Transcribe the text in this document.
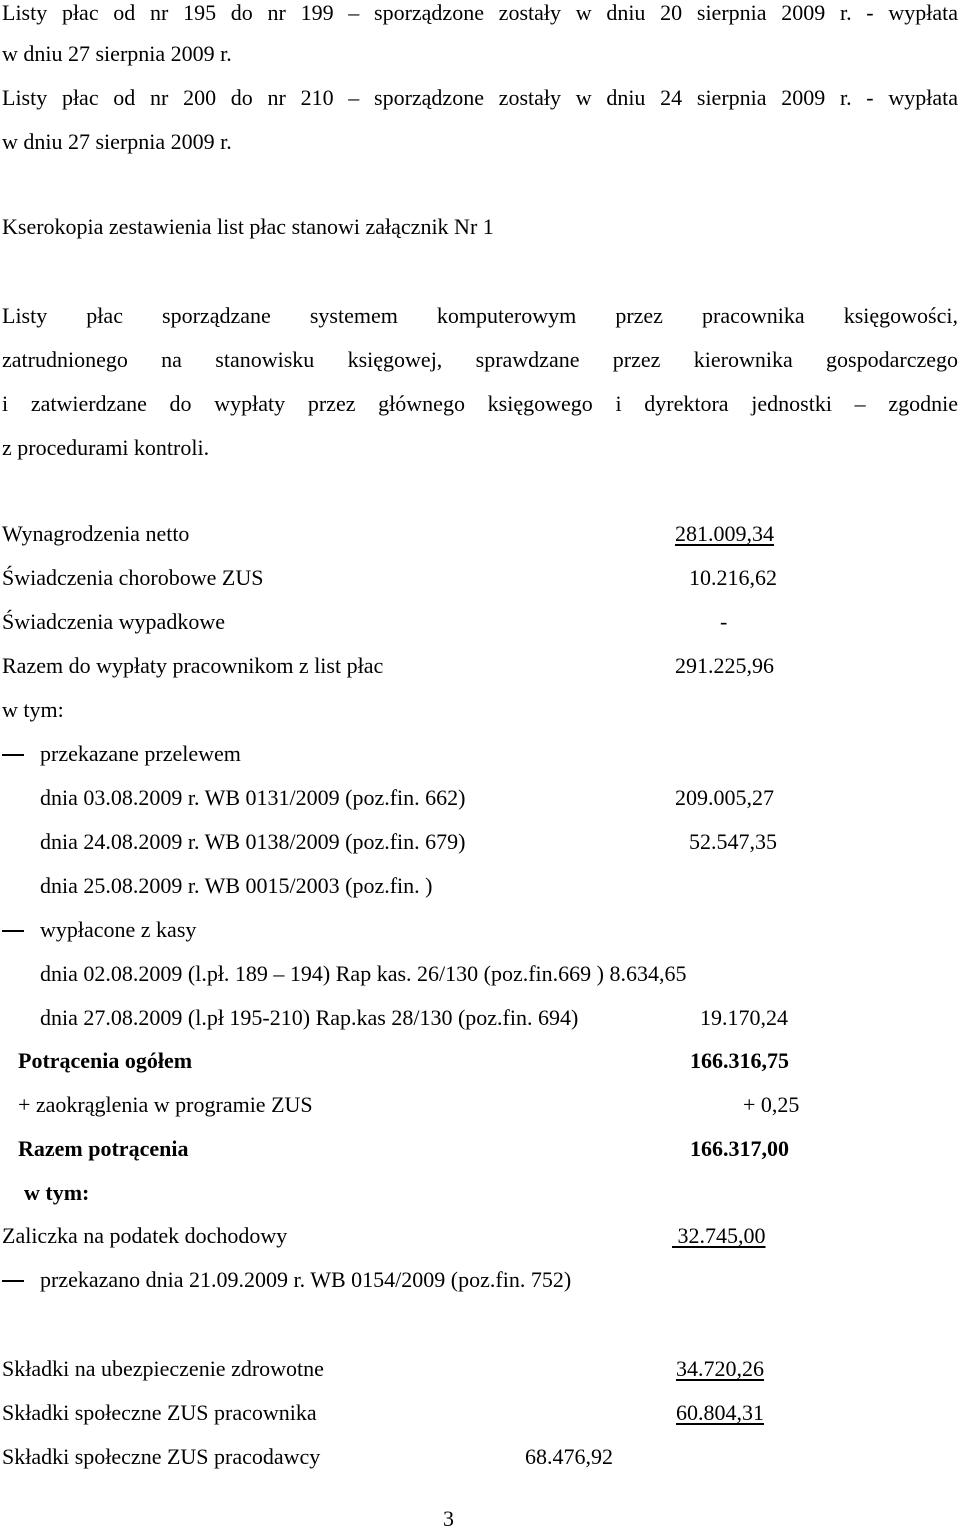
Listy płac od nr 195 do nr 199 – sporządzone zostały w dniu 20 sierpnia 2009 r. - wypłata
w dniu 27 sierpnia 2009 r.
Listy płac od nr 200 do nr 210 – sporządzone zostały w dniu 24 sierpnia 2009 r. - wypłata
w dniu 27 sierpnia 2009 r.
Kserokopia zestawienia list płac stanowi załącznik Nr 1
Listy płac sporządzane systemem komputerowym przez pracownika księgowości,
zatrudnionego na stanowisku księgowej, sprawdzane przez kierownika gospodarczego
i zatwierdzane do wypłaty przez głównego księgowego i dyrektora jednostki – zgodnie
z procedurami kontroli.
Wynagrodzenia netto	281.009,34
Świadczenia chorobowe ZUS	10.216,62
Świadczenia wypadkowe	-
Razem do wypłaty pracownikom z list płac	291.225,96
w tym:
przekazane przelewem
dnia 03.08.2009 r. WB 0131/2009 (poz.fin. 662)	209.005,27
dnia 24.08.2009 r. WB 0138/2009 (poz.fin. 679)	52.547,35
dnia 25.08.2009 r. WB 0015/2003 (poz.fin. )
wypłacone z kasy
dnia 02.08.2009 (l.pł. 189 – 194) Rap kas. 26/130 (poz.fin.669 ) 8.634,65
dnia 27.08.2009 (l.pł 195-210) Rap.kas 28/130 (poz.fin. 694)	19.170,24
Potrącenia ogółem	166.316,75
+ zaokrąglenia w programie ZUS	+ 0,25
Razem potrącenia	166.317,00
w tym:
Zaliczka na podatek dochodowy	32.745,00
przekazano dnia 21.09.2009 r. WB 0154/2009 (poz.fin. 752)
Składki na ubezpieczenie zdrowotne	34.720,26
Składki społeczne ZUS pracownika	60.804,31
Składki społeczne ZUS pracodawcy	68.476,92
3
